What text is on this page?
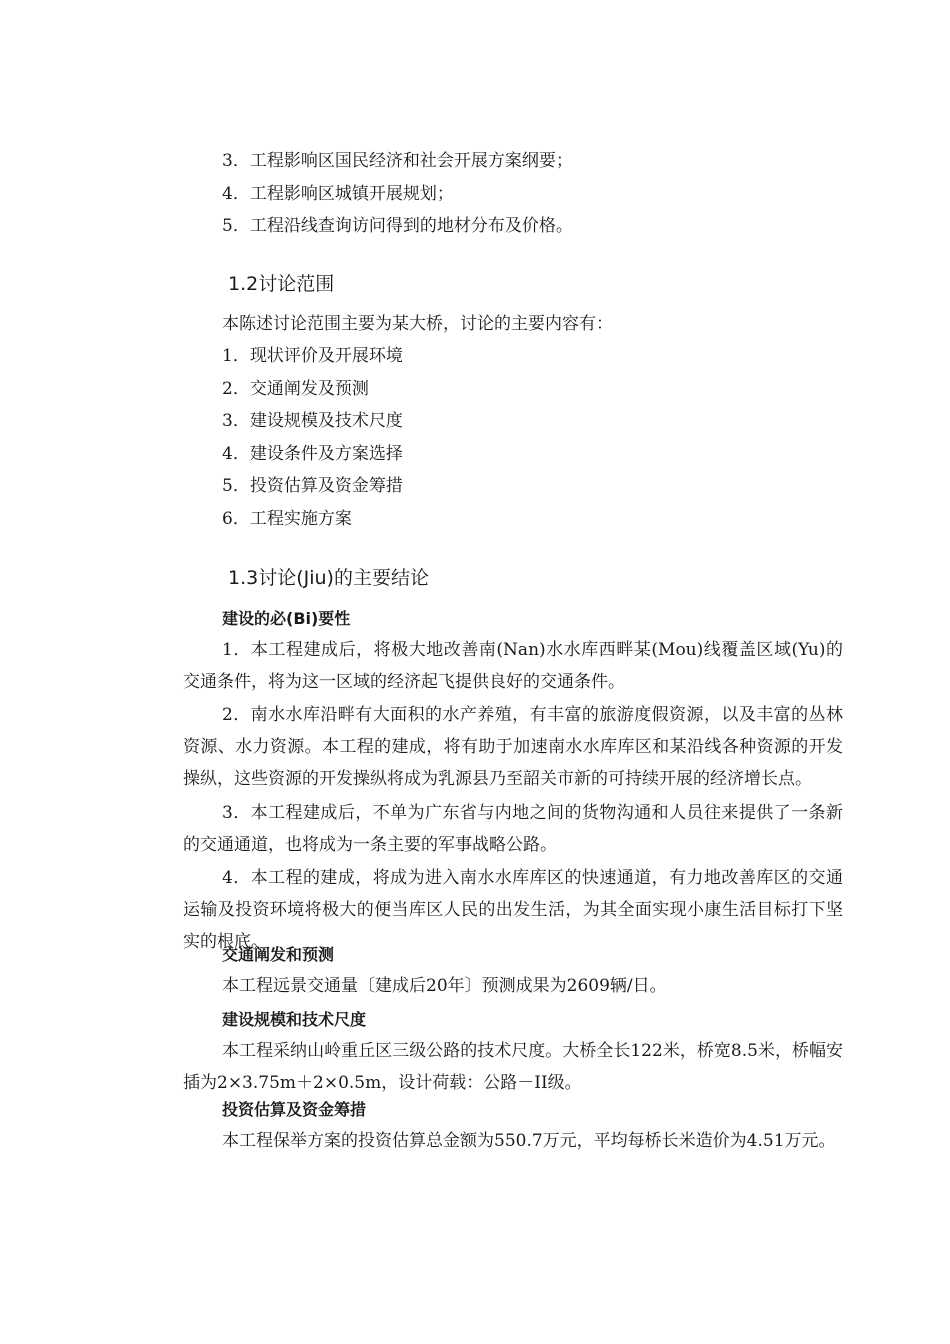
3．工程影响区国民经济和社会开展方案纲要；
4．工程影响区城镇开展规划；
5．工程沿线查询访问得到的地材分布及价格。
1.2讨论范围
本陈述讨论范围主要为某大桥，讨论的主要内容有：
1．现状评价及开展环境
2．交通阐发及预测
3．建设规模及技术尺度
4．建设条件及方案选择
5．投资估算及资金筹措
6．工程实施方案
1.3讨论(Jiu)的主要结论
建设的必(Bi)要性
1．本工程建成后，将极大地改善南(Nan)水水库西畔某(Mou)线覆盖区域(Yu)的交通条件，将为这一区域的经济起飞提供良好的交通条件。
2．南水水库沿畔有大面积的水产养殖，有丰富的旅游度假资源，以及丰富的丛林资源、水力资源。本工程的建成，将有助于加速南水水库库区和某沿线各种资源的开发操纵，这些资源的开发操纵将成为乳源县乃至韶关市新的可持续开展的经济增长点。
3．本工程建成后，不单为广东省与内地之间的货物沟通和人员往来提供了一条新的交通通道，也将成为一条主要的军事战略公路。
4．本工程的建成，将成为进入南水水库库区的快速通道，有力地改善库区的交通运输及投资环境将极大的便当库区人民的出发生活，为其全面实现小康生活目标打下坚实的根底。
交通阐发和预测
本工程远景交通量〔建成后20年〕预测成果为2609辆/日。
建设规模和技术尺度
本工程采纳山岭重丘区三级公路的技术尺度。大桥全长122米，桥宽8.5米，桥幅安插为2×3.75m＋2×0.5m，设计荷载：公路－II级。
投资估算及资金筹措
本工程保举方案的投资估算总金额为550.7万元，平均每桥长米造价为4.51万元。
